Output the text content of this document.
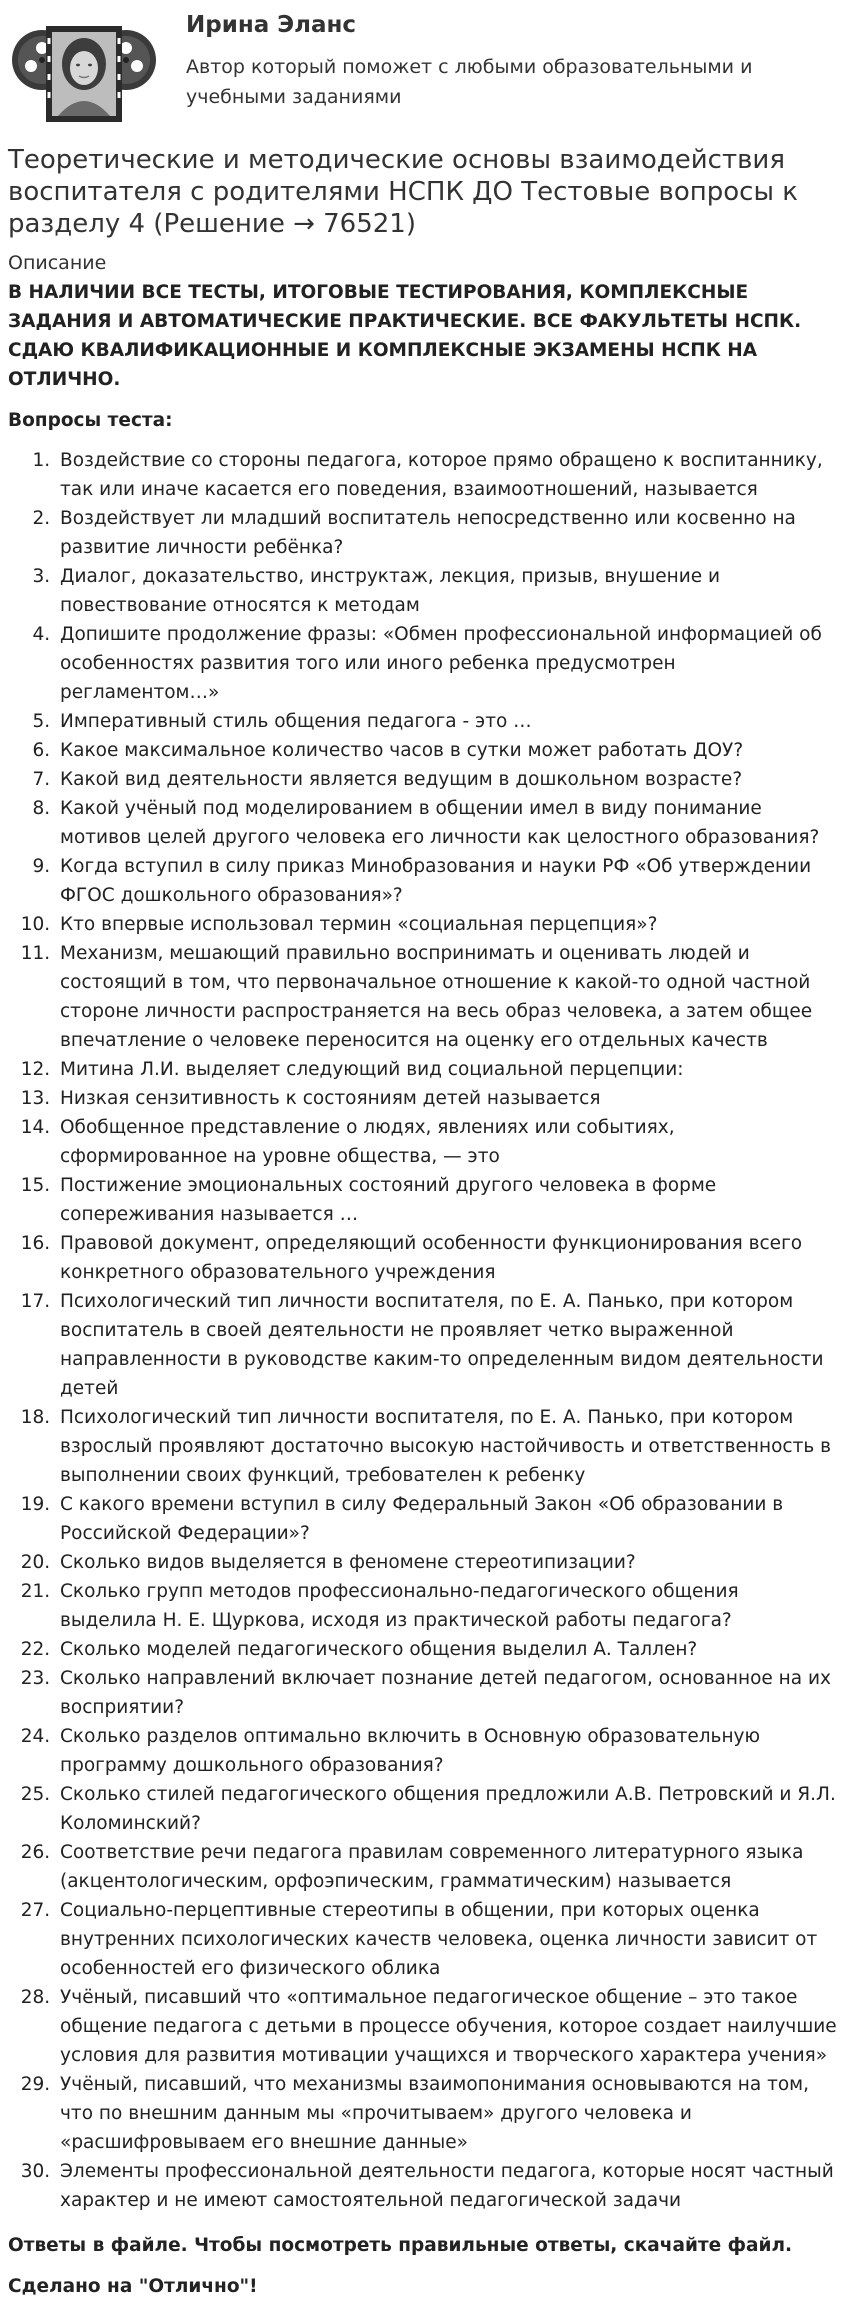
Ирина Эланс
Автор который поможет с любыми образовательными и учебными заданиями
Теоретические и методические основы взаимодействия воспитателя с родителями НСПК ДО Тестовые вопросы к разделу 4 (Решение → 76521)
Описание

В НАЛИЧИИ ВСЕ ТЕСТЫ, ИТОГОВЫЕ ТЕСТИРОВАНИЯ, КОМПЛЕКСНЫЕ ЗАДАНИЯ И АВТОМАТИЧЕСКИЕ ПРАКТИЧЕСКИЕ. ВСЕ ФАКУЛЬТЕТЫ НСПК. СДАЮ КВАЛИФИКАЦИОННЫЕ И КОМПЛЕКСНЫЕ ЭКЗАМЕНЫ НСПК НА ОТЛИЧНО.

Вопросы теста:
1. Воздействие со стороны педагога, которое прямо обращено к воспитаннику, так или иначе касается его поведения, взаимоотношений, называется
2. Воздействует ли младший воспитатель непосредственно или косвенно на развитие личности ребёнка?
3. Диалог, доказательство, инструктаж, лекция, призыв, внушение и повествование относятся к методам
4. Допишите продолжение фразы: «Обмен профессиональной информацией об особенностях развития того или иного ребенка предусмотрен регламентом…»
5. Императивный стиль общения педагога - это …
6. Какое максимальное количество часов в сутки может работать ДОУ?
7. Какой вид деятельности является ведущим в дошкольном возрасте?
8. Какой учёный под моделированием в общении имел в виду понимание мотивов целей другого человека его личности как целостного образования?
9. Когда вступил в силу приказ Минобразования и науки РФ «Об утверждении ФГОС дошкольного образования»?
10. Кто впервые использовал термин «социальная перцепция»?
11. Механизм, мешающий правильно воспринимать и оценивать людей и состоящий в том, что первоначальное отношение к какой-то одной частной стороне личности распространяется на весь образ человека, а затем общее впечатление о человеке переносится на оценку его отдельных качеств
12. Митина Л.И. выделяет следующий вид социальной перцепции:
13. Низкая сензитивность к состояниям детей называется
14. Обобщенное представление о людях, явлениях или событиях, сформированное на уровне общества, — это
15. Постижение эмоциональных состояний другого человека в форме сопереживания называется …
16. Правовой документ, определяющий особенности функционирования всего конкретного образовательного учреждения
17. Психологический тип личности воспитателя, по Е. А. Панько, при котором воспитатель в своей деятельности не проявляет четко выраженной направленности в руководстве каким-то определенным видом деятельности детей
18. Психологический тип личности воспитателя, по Е. А. Панько, при котором взрослый проявляют достаточно высокую настойчивость и ответственность в выполнении своих функций, требователен к ребенку
19. С какого времени вступил в силу Федеральный Закон «Об образовании в Российской Федерации»?
20. Сколько видов выделяется в феномене стереотипизации?
21. Сколько групп методов профессионально-педагогического общения выделила Н. Е. Щуркова, исходя из практической работы педагога?
22. Сколько моделей педагогического общения выделил А. Таллен?
23. Сколько направлений включает познание детей педагогом, основанное на их восприятии?
24. Сколько разделов оптимально включить в Основную образовательную программу дошкольного образования?
25. Сколько стилей педагогического общения предложили А.В. Петровский и Я.Л. Коломинский?
26. Соответствие речи педагога правилам современного литературного языка (акцентологическим, орфоэпическим, грамматическим) называется
27. Социально-перцептивные стереотипы в общении, при которых оценка внутренних психологических качеств человека, оценка личности зависит от особенностей его физического облика
28. Учёный, писавший что «оптимальное педагогическое общение – это такое общение педагога с детьми в процессе обучения, которое создает наилучшие условия для развития мотивации учащихся и творческого характера учения»
29. Учёный, писавший, что механизмы взаимопонимания основываются на том, что по внешним данным мы «прочитываем» другого человека и «расшифровываем его внешние данные»
30. Элементы профессиональной деятельности педагога, которые носят частный характер и не имеют самостоятельной педагогической задачи

Ответы в файле. Чтобы посмотреть правильные ответы, скачайте файл.

Сделано на "Отлично"!
